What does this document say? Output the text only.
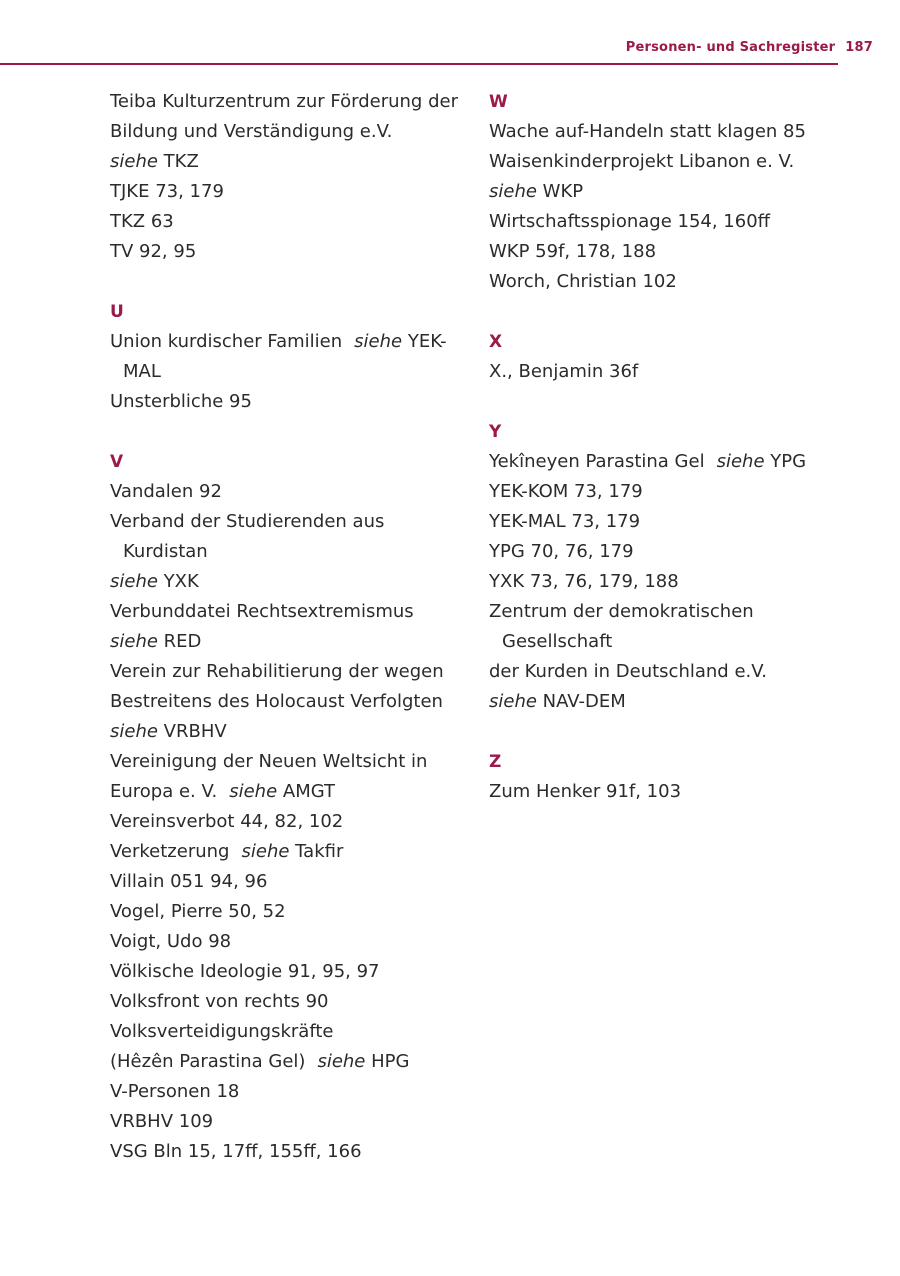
Personen- und Sachregister 187
Teiba Kulturzentrum zur Förderung der
Bildung und Verständigung e.V.
siehe TKZ
TJKE 73, 179
TKZ 63
TV 92, 95
U
Union kurdischer Familien siehe YEK-MAL
Unsterbliche 95
V
Vandalen 92
Verband der Studierenden aus Kurdistan
siehe YXK
Verbunddatei Rechtsextremismus
siehe RED
Verein zur Rehabilitierung der wegen
Bestreitens des Holocaust Verfolgten
siehe VRBHV
Vereinigung der Neuen Weltsicht in
Europa e. V. siehe AMGT
Vereinsverbot 44, 82, 102
Verketzerung siehe Takfir
Villain 051 94, 96
Vogel, Pierre 50, 52
Voigt, Udo 98
Völkische Ideologie 91, 95, 97
Volksfront von rechts 90
Volksverteidigungskräfte
(Hêzên Parastina Gel) siehe HPG
V-Personen 18
VRBHV 109
VSG Bln 15, 17ff, 155ff, 166
W
Wache auf-Handeln statt klagen 85
Waisenkinderprojekt Libanon e. V.
siehe WKP
Wirtschaftsspionage 154, 160ff
WKP 59f, 178, 188
Worch, Christian 102
X
X., Benjamin 36f
Y
Yekîneyen Parastina Gel siehe YPG
YEK-KOM 73, 179
YEK-MAL 73, 179
YPG 70, 76, 179
YXK 73, 76, 179, 188
Zentrum der demokratischen Gesellschaft
der Kurden in Deutschland e.V.
siehe NAV-DEM
Z
Zum Henker 91f, 103
